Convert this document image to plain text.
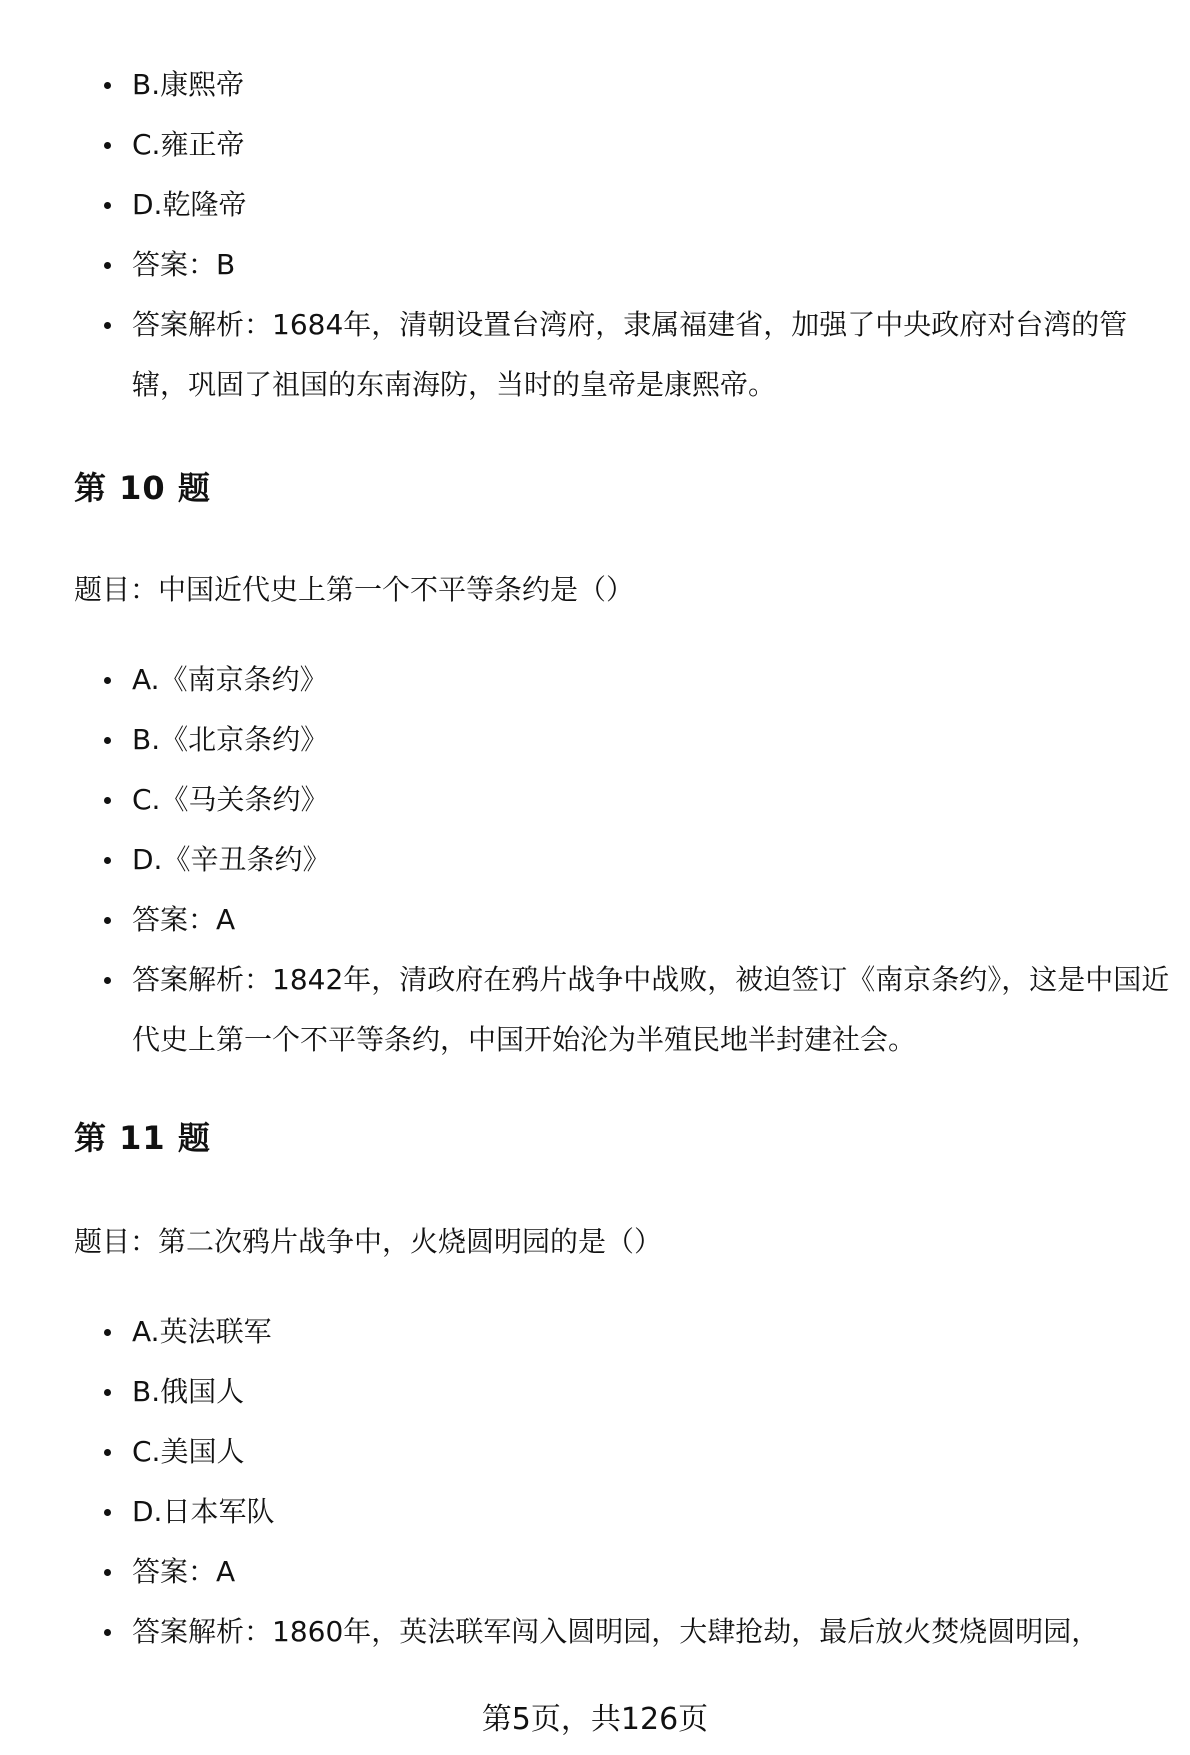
B.康熙帝
C.雍正帝
D.乾隆帝
答案：B
答案解析：1684年，清朝设置台湾府，隶属福建省，加强了中央政府对台湾的管辖，巩固了祖国的东南海防，当时的皇帝是康熙帝。
第 10 题
题目：中国近代史上第一个不平等条约是（）
A.《南京条约》
B.《北京条约》
C.《马关条约》
D.《辛丑条约》
答案：A
答案解析：1842年，清政府在鸦片战争中战败，被迫签订《南京条约》，这是中国近代史上第一个不平等条约，中国开始沦为半殖民地半封建社会。
第 11 题
题目：第二次鸦片战争中，火烧圆明园的是（）
A.英法联军
B.俄国人
C.美国人
D.日本军队
答案：A
答案解析：1860年，英法联军闯入圆明园，大肆抢劫，最后放火焚烧圆明园，
第5页，共126页
